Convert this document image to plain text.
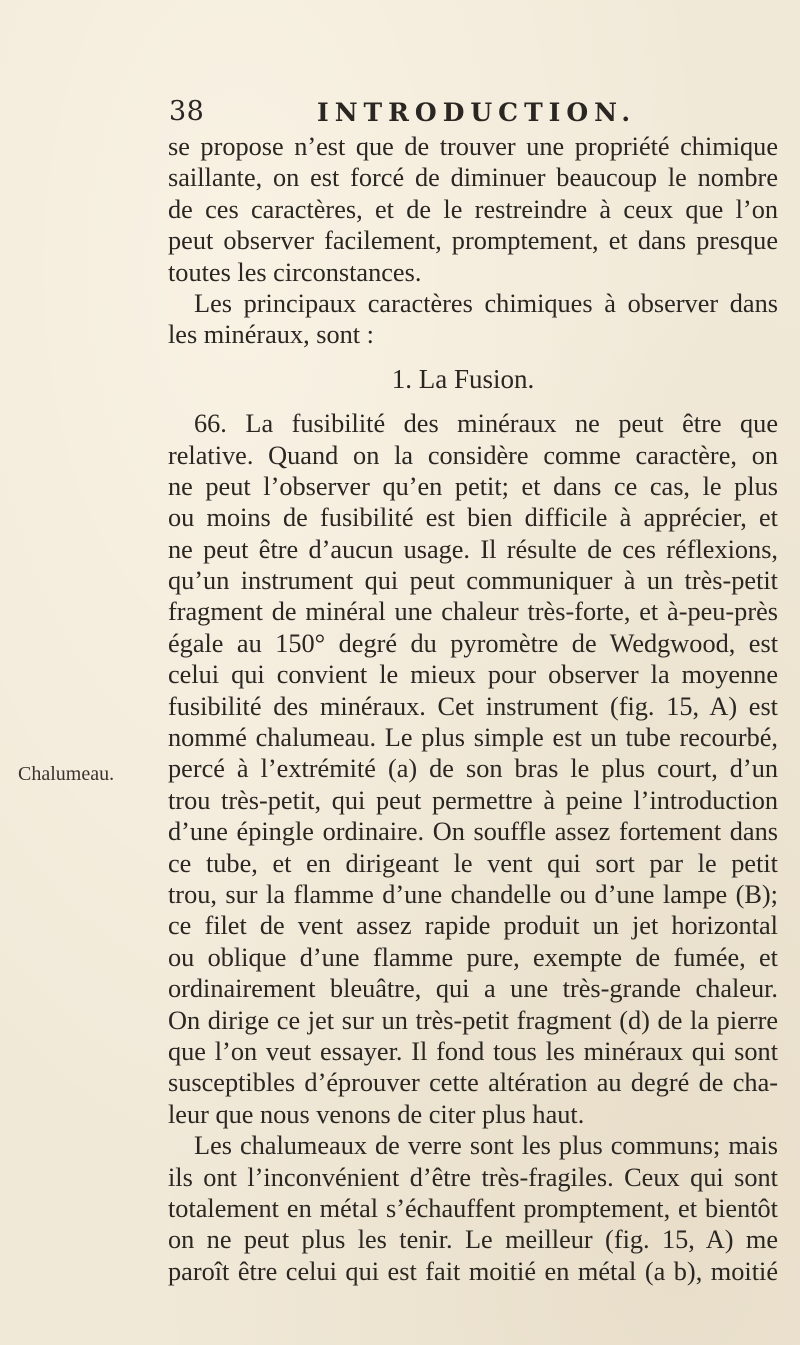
38	INTRODUCTION.
Chalumeau.
se propose n’est que de trouver une propriété chimique
saillante, on est forcé de diminuer beaucoup le nombre
de ces caractères, et de le restreindre à ceux que l’on
peut observer facilement, promptement, et dans presque
toutes les circonstances.
Les principaux caractères chimiques à observer dans
les minéraux, sont :
1. La Fusion.
66. La fusibilité des minéraux ne peut être que
relative. Quand on la considère comme caractère, on
ne peut l’observer qu’en petit; et dans ce cas, le plus
ou moins de fusibilité est bien difficile à apprécier, et
ne peut être d’aucun usage. Il résulte de ces réflexions,
qu’un instrument qui peut communiquer à un très-petit
fragment de minéral une chaleur très-forte, et à-peu-près
égale au 150° degré du pyromètre de Wedgwood, est
celui qui convient le mieux pour observer la moyenne
fusibilité des minéraux. Cet instrument (fig. 15, A) est
nommé chalumeau. Le plus simple est un tube recourbé,
percé à l’extrémité (a) de son bras le plus court, d’un
trou très-petit, qui peut permettre à peine l’introduction
d’une épingle ordinaire. On souffle assez fortement dans
ce tube, et en dirigeant le vent qui sort par le petit
trou, sur la flamme d’une chandelle ou d’une lampe (B);
ce filet de vent assez rapide produit un jet horizontal
ou oblique d’une flamme pure, exempte de fumée, et
ordinairement bleuâtre, qui a une très-grande chaleur.
On dirige ce jet sur un très-petit fragment (d) de la pierre
que l’on veut essayer. Il fond tous les minéraux qui sont
susceptibles d’éprouver cette altération au degré de cha-
leur que nous venons de citer plus haut.
Les chalumeaux de verre sont les plus communs; mais
ils ont l’inconvénient d’être très-fragiles. Ceux qui sont
totalement en métal s’échauffent promptement, et bientôt
on ne peut plus les tenir. Le meilleur (fig. 15, A) me
paroît être celui qui est fait moitié en métal (a b), moitié
